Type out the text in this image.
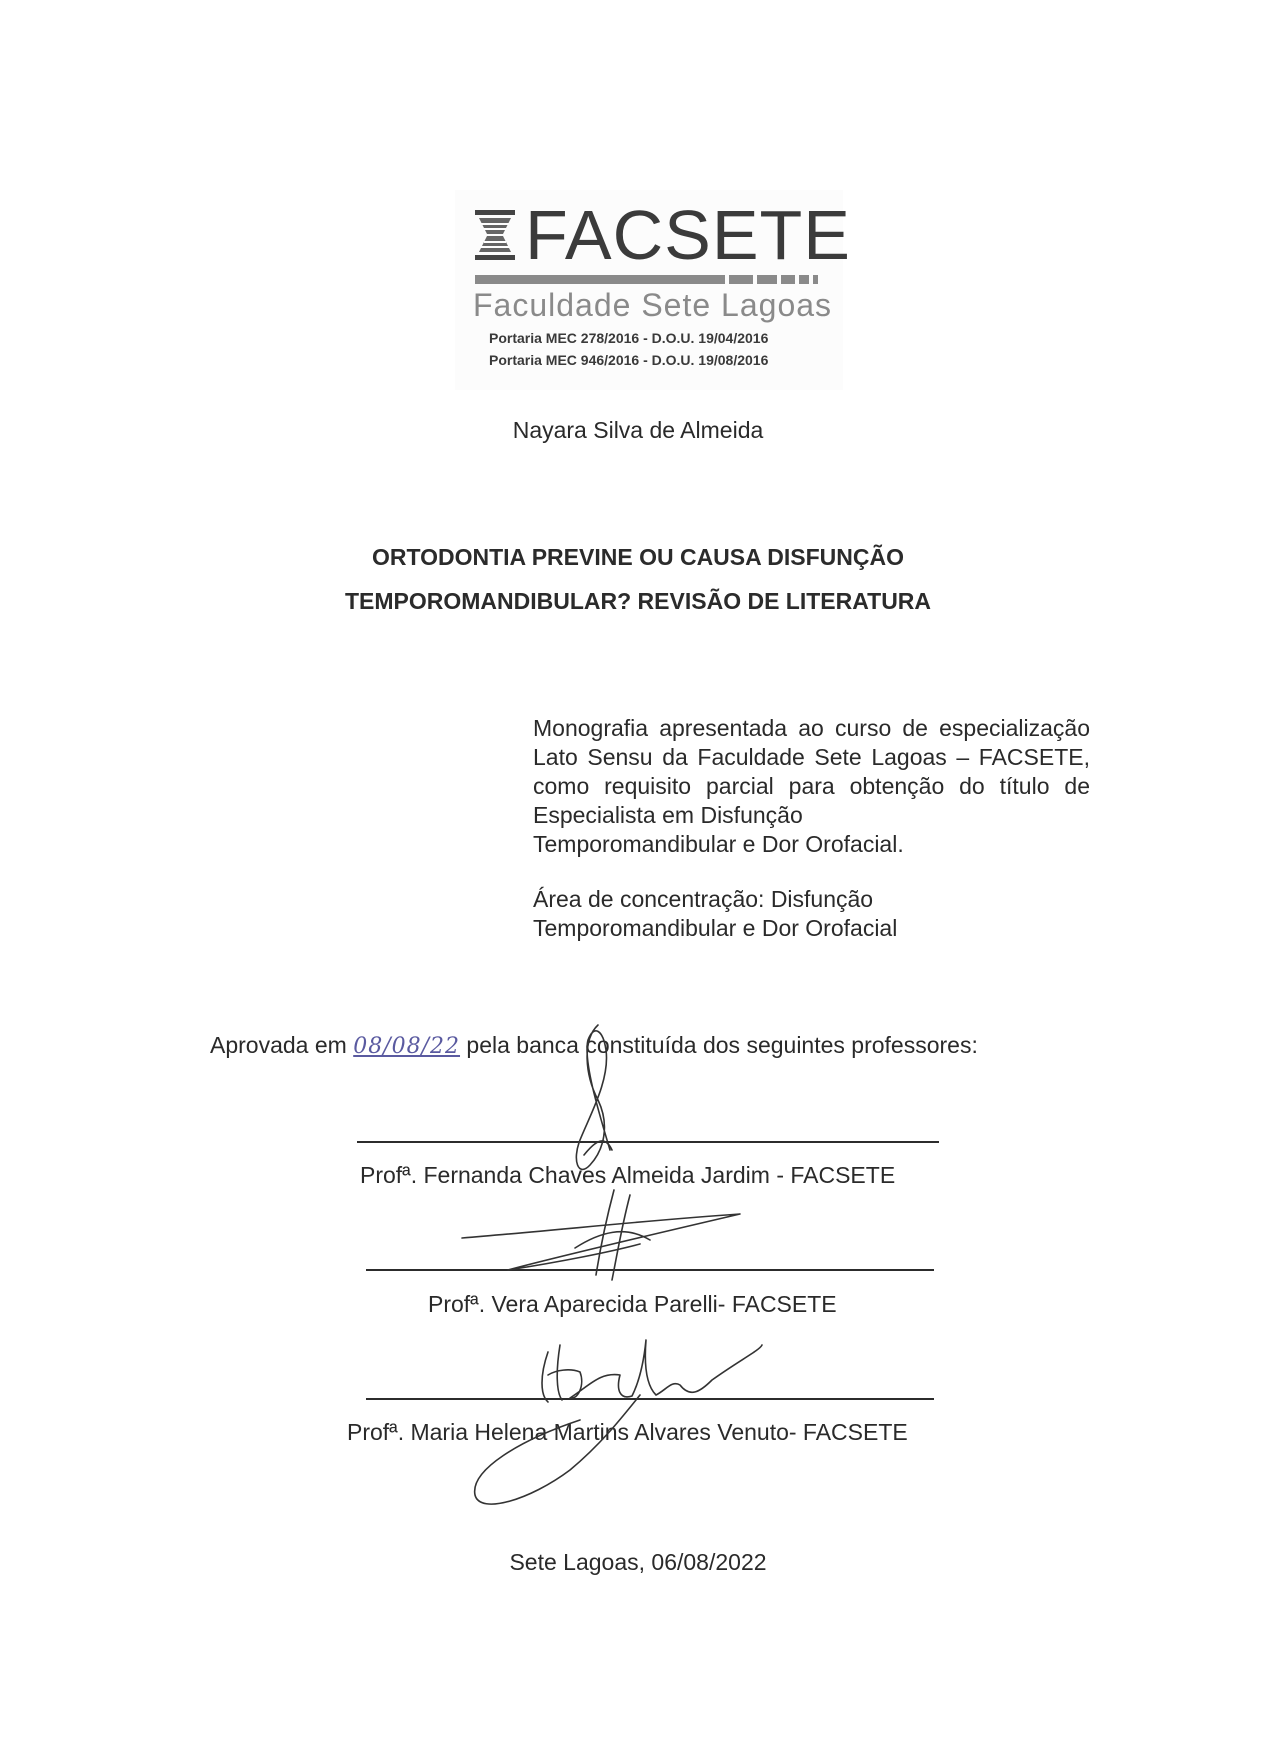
FACSETE
Faculdade Sete Lagoas
Portaria MEC 278/2016 - D.O.U. 19/04/2016
Portaria MEC 946/2016 - D.O.U. 19/08/2016
Nayara Silva de Almeida
ORTODONTIA PREVINE OU CAUSA DISFUNÇÃO
TEMPOROMANDIBULAR? REVISÃO DE LITERATURA
Monografia apresentada ao curso de especialização Lato Sensu da Faculdade Sete Lagoas – FACSETE, como requisito parcial para obtenção do título de Especialista em Disfunção
Temporomandibular e Dor Orofacial.
Área de concentração: Disfunção
Temporomandibular e Dor Orofacial
Aprovada em 08/08/22 pela banca constituída dos seguintes professores:
Profª. Fernanda Chaves Almeida Jardim - FACSETE
Profª. Vera Aparecida Parelli- FACSETE
Profª. Maria Helena Martins Alvares Venuto- FACSETE
Sete Lagoas, 06/08/2022
